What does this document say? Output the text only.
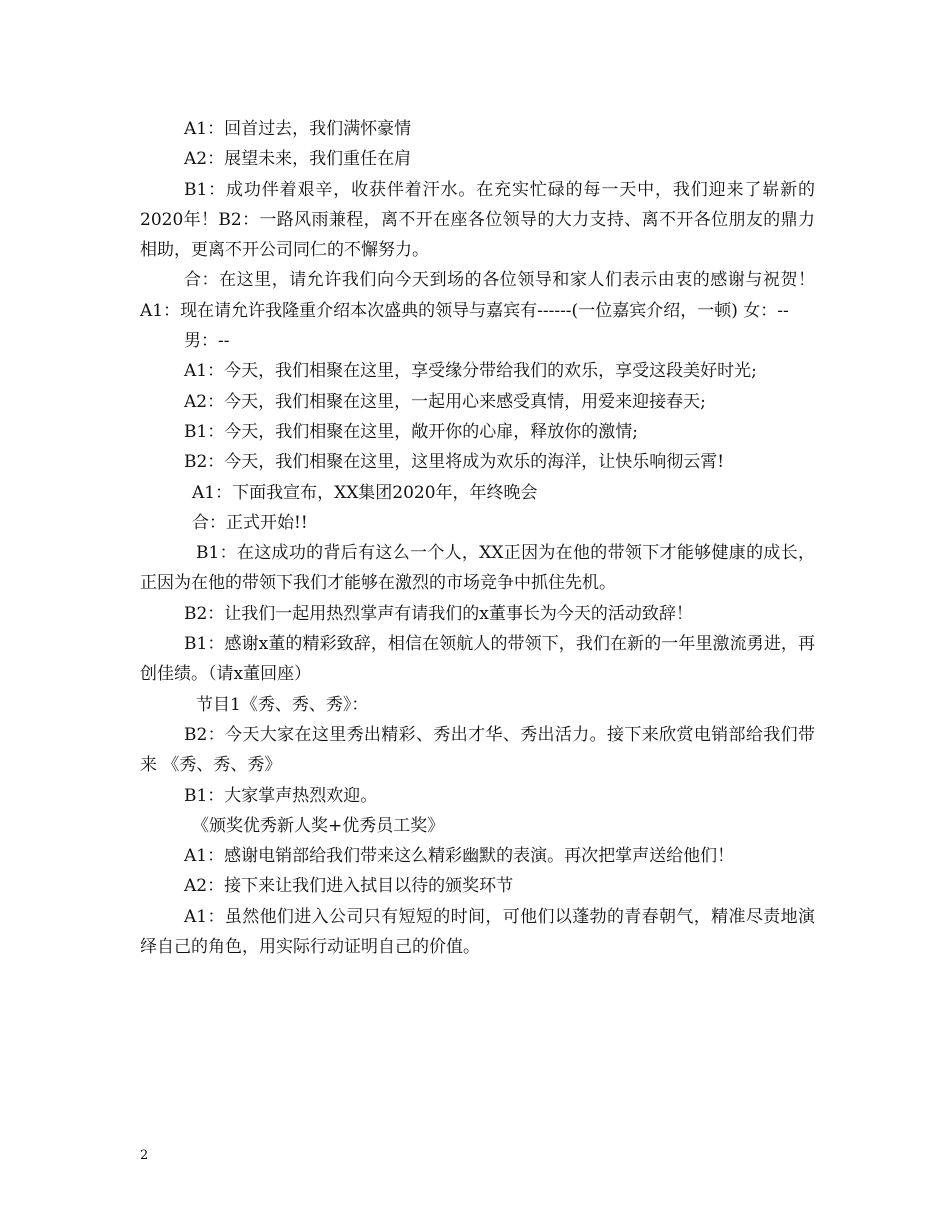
A1：回首过去，我们满怀豪情

A2：展望未来，我们重任在肩

B1：成功伴着艰辛，收获伴着汗水。在充实忙碌的每一天中，我们迎来了崭新的2020年！B2：一路风雨兼程，离不开在座各位领导的大力支持、离不开各位朋友的鼎力相助，更离不开公司同仁的不懈努力。

合：在这里，请允许我们向今天到场的各位领导和家人们表示由衷的感谢与祝贺！ A1：现在请允许我隆重介绍本次盛典的领导与嘉宾有------(一位嘉宾介绍，一顿) 女：--

男：--

A1：今天，我们相聚在这里，享受缘分带给我们的欢乐，享受这段美好时光;

A2：今天，我们相聚在这里，一起用心来感受真情，用爱来迎接春天;

B1：今天，我们相聚在这里，敞开你的心扉，释放你的激情;

B2：今天，我们相聚在这里，这里将成为欢乐的海洋，让快乐响彻云霄!

A1：下面我宣布，XX集团2020年，年终晚会

合：正式开始!!

B1：在这成功的背后有这么一个人，XX正因为在他的带领下才能够健康的成长，正因为在他的带领下我们才能够在激烈的市场竞争中抓住先机。

B2：让我们一起用热烈掌声有请我们的x董事长为今天的活动致辞！

B1：感谢x董的精彩致辞，相信在领航人的带领下，我们在新的一年里激流勇进，再创佳绩。（请x董回座）

节目1《秀、秀、秀》：

B2：今天大家在这里秀出精彩、秀出才华、秀出活力。接下来欣赏电销部给我们带来 《秀、秀、秀》

B1：大家掌声热烈欢迎。

《颁奖优秀新人奖+优秀员工奖》

A1：感谢电销部给我们带来这么精彩幽默的表演。再次把掌声送给他们！

A2：接下来让我们进入拭目以待的颁奖环节

A1：虽然他们进入公司只有短短的时间，可他们以蓬勃的青春朝气，精准尽责地演绎自己的角色，用实际行动证明自己的价值。

2
